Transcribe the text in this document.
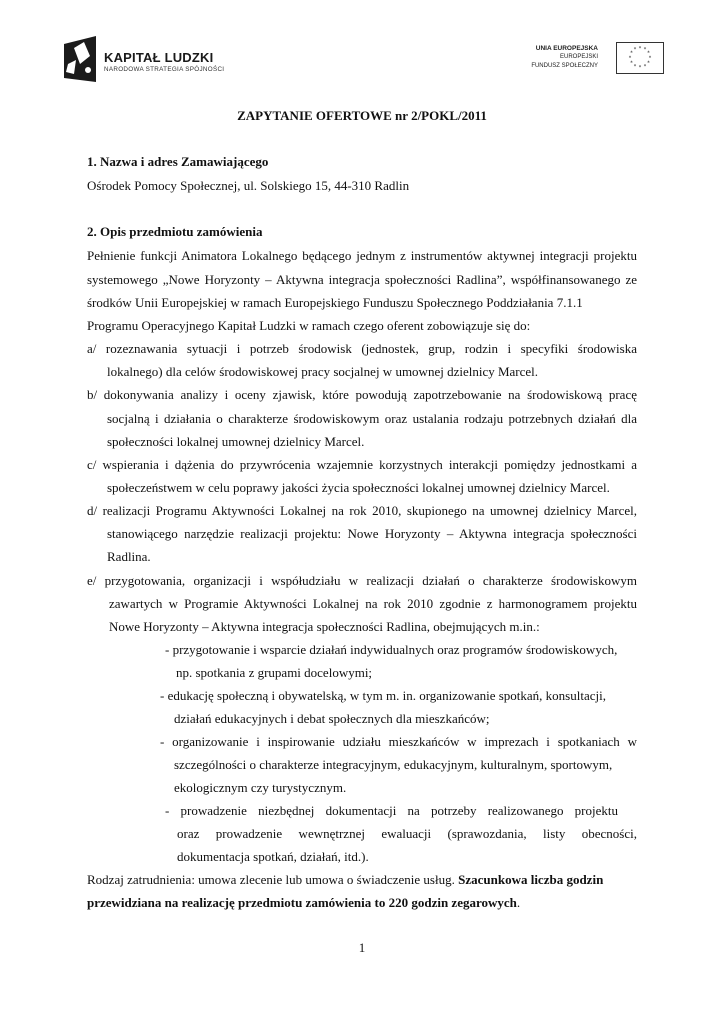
KAPITAŁ LUDZKI
NARODOWA STRATEGIA SPÓJNOŚCI
UNIA EUROPEJSKA
EUROPEJSKI
FUNDUSZ SPOŁECZNY
* *
*
*
*
*
*
*
*
*
* *
ZAPYTANIE OFERTOWE nr 2/POKL/2011
1. Nazwa i adres Zamawiającego
Ośrodek Pomocy Społecznej, ul. Solskiego 15, 44-310 Radlin
2. Opis przedmiotu zamówienia
Pełnienie funkcji Animatora Lokalnego będącego jednym z instrumentów aktywnej integracji projektu
systemowego „Nowe Horyzonty – Aktywna integracja społeczności Radlina”, współfinansowanego ze
środków Unii Europejskiej w ramach Europejskiego Funduszu Społecznego Poddziałania 7.1.1
Programu Operacyjnego Kapitał Ludzki w ramach czego oferent zobowiązuje się do:
a/ rozeznawania sytuacji i potrzeb środowisk (jednostek, grup, rodzin i specyfiki środowiska
lokalnego) dla celów środowiskowej pracy socjalnej w umownej dzielnicy Marcel.
b/ dokonywania analizy i oceny zjawisk, które powodują zapotrzebowanie na środowiskową pracę
socjalną i działania o charakterze środowiskowym oraz ustalania rodzaju potrzebnych działań dla
społeczności lokalnej umownej dzielnicy Marcel.
c/ wspierania i dążenia do przywrócenia wzajemnie korzystnych interakcji pomiędzy jednostkami a
społeczeństwem w celu poprawy jakości życia społeczności lokalnej umownej dzielnicy Marcel.
d/ realizacji Programu Aktywności Lokalnej na rok 2010, skupionego na umownej dzielnicy Marcel,
stanowiącego narzędzie realizacji projektu: Nowe Horyzonty – Aktywna integracja społeczności
Radlina.
e/ przygotowania, organizacji i współudziału w realizacji działań o charakterze środowiskowym
zawartych w Programie Aktywności Lokalnej na rok 2010 zgodnie z harmonogramem projektu
Nowe Horyzonty – Aktywna integracja społeczności Radlina, obejmujących m.in.:
- przygotowanie i wsparcie działań indywidualnych oraz programów środowiskowych,
np. spotkania z grupami docelowymi;
- edukację społeczną i obywatelską, w tym m. in. organizowanie spotkań, konsultacji,
działań edukacyjnych i debat społecznych dla mieszkańców;
- organizowanie i inspirowanie udziału mieszkańców w imprezach i spotkaniach w
szczególności o charakterze integracyjnym, edukacyjnym, kulturalnym, sportowym,
ekologicznym czy turystycznym.
- prowadzenie niezbędnej dokumentacji na potrzeby realizowanego projektu
oraz prowadzenie wewnętrznej ewaluacji (sprawozdania, listy obecności,
dokumentacja spotkań, działań, itd.).
Rodzaj zatrudnienia: umowa zlecenie lub umowa o świadczenie usług. Szacunkowa liczba godzin
przewidziana na realizację przedmiotu zamówienia to 220 godzin zegarowych.
1
